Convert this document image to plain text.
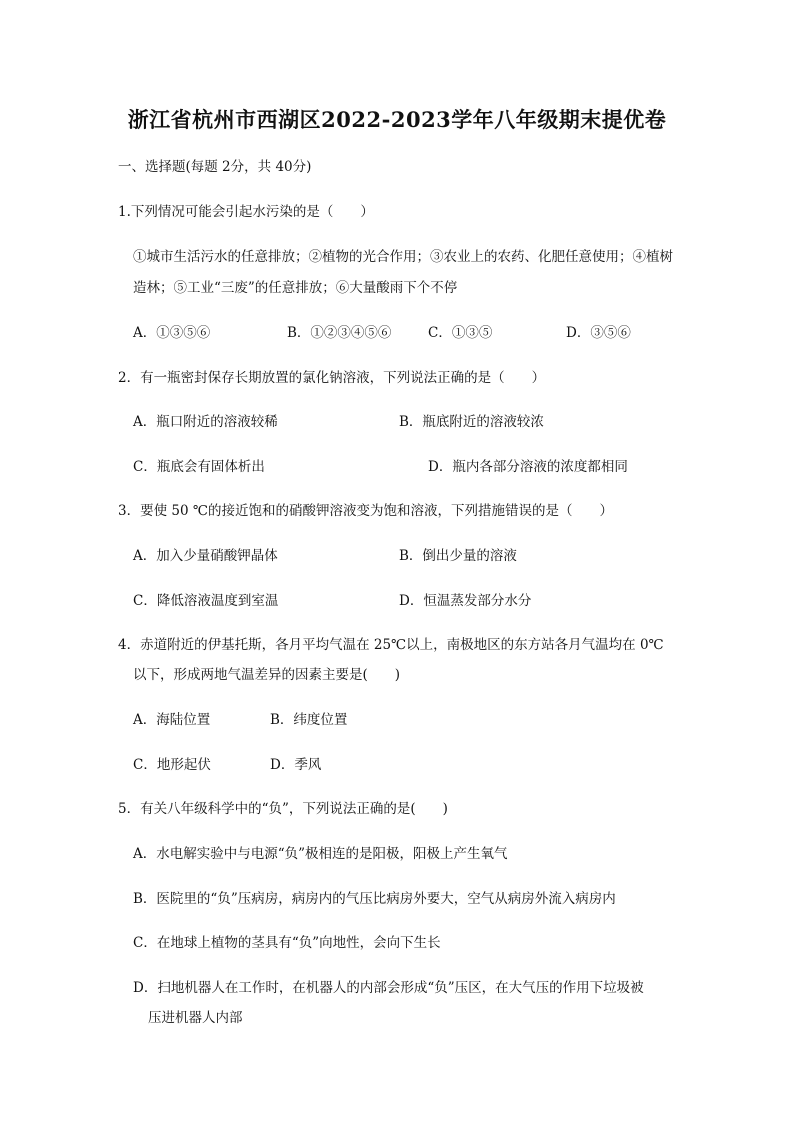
浙江省杭州市西湖区2022-2023学年八年级期末提优卷
一、选择题(每题 2分，共 40分)
1.下列情况可能会引起水污染的是（　　）
①城市生活污水的任意排放；②植物的光合作用；③农业上的农药、化肥任意使用；④植树
造林；⑤工业“三废”的任意排放；⑥大量酸雨下个不停
A．①③⑤⑥	B．①②③④⑤⑥	C．①③⑤	D．③⑤⑥
2．有一瓶密封保存长期放置的氯化钠溶液，下列说法正确的是（　　）
A．瓶口附近的溶液较稀	B．瓶底附近的溶液较浓
C．瓶底会有固体析出	D．瓶内各部分溶液的浓度都相同
3．要使 50 ℃的接近饱和的硝酸钾溶液变为饱和溶液，下列措施错误的是（　　）
A．加入少量硝酸钾晶体	B．倒出少量的溶液
C．降低溶液温度到室温	D．恒温蒸发部分水分
4．赤道附近的伊基托斯，各月平均气温在 25℃以上，南极地区的东方站各月气温均在 0℃
以下，形成两地气温差异的因素主要是(　　)
A．海陆位置	B．纬度位置
C．地形起伏	D．季风
5．有关八年级科学中的“负”，下列说法正确的是(　　)
A．水电解实验中与电源“负”极相连的是阳极，阳极上产生氧气
B．医院里的“负”压病房，病房内的气压比病房外要大，空气从病房外流入病房内
C．在地球上植物的茎具有“负”向地性，会向下生长
D．扫地机器人在工作时，在机器人的内部会形成“负”压区，在大气压的作用下垃圾被
压进机器人内部
